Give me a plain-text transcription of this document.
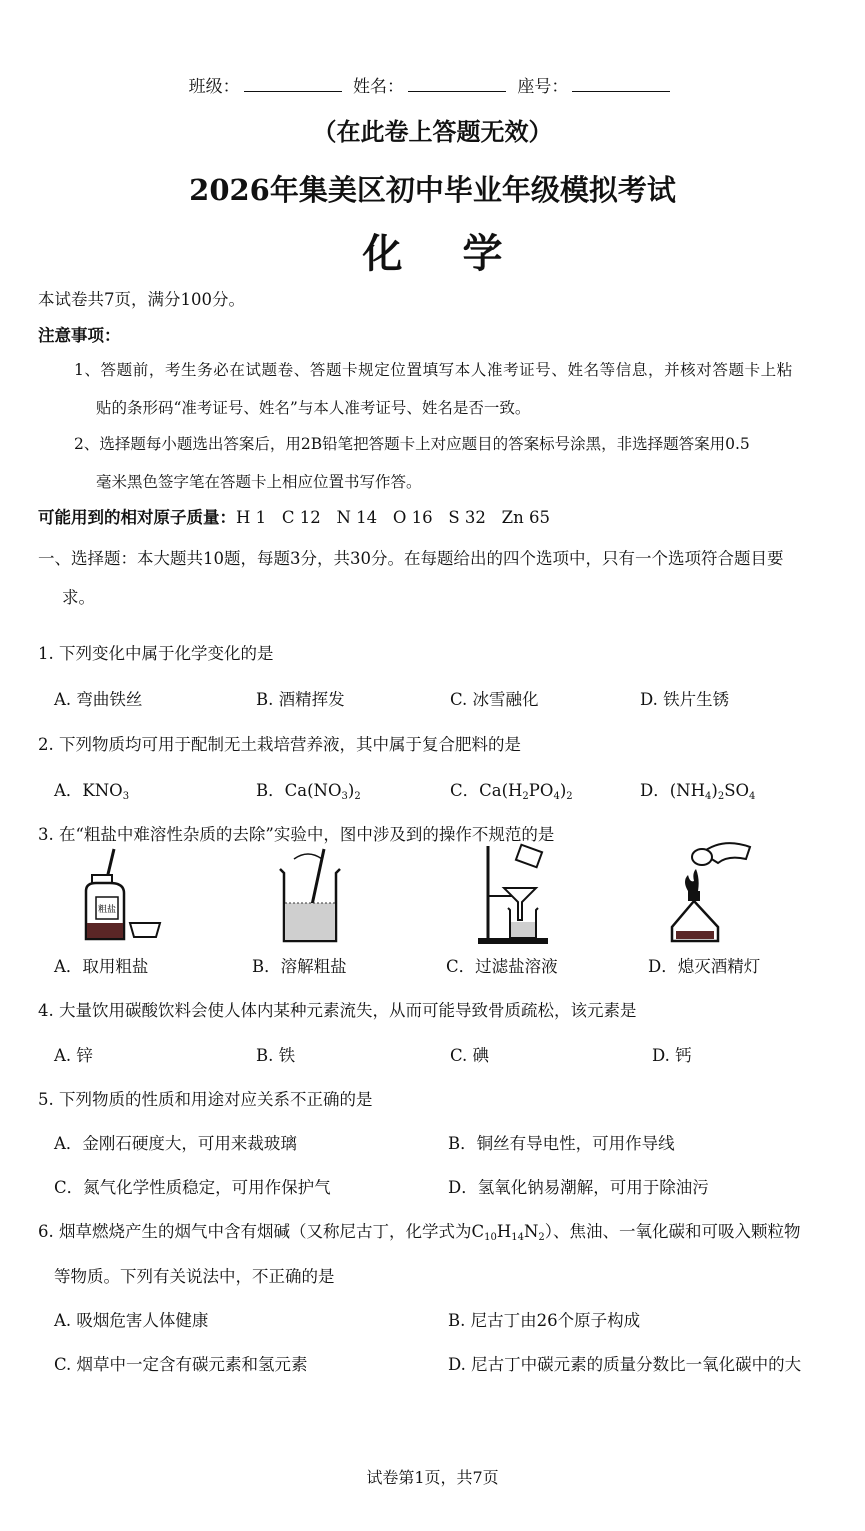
班级：	姓名：	座号：
（在此卷上答题无效）
2026年集美区初中毕业年级模拟考试
化学
本试卷共7页，满分100分。
注意事项：
1、答题前，考生务必在试题卷、答题卡规定位置填写本人准考证号、姓名等信息，并核对答题卡上粘
贴的条形码“准考证号、姓名”与本人准考证号、姓名是否一致。
2、选择题每小题选出答案后，用2B铅笔把答题卡上对应题目的答案标号涂黑，非选择题答案用0.5
毫米黑色签字笔在答题卡上相应位置书写作答。
可能用到的相对原子质量：H 1   C 12   N 14   O 16   S 32   Zn 65
一、选择题：本大题共10题，每题3分，共30分。在每题给出的四个选项中，只有一个选项符合题目要
求。
1. 下列变化中属于化学变化的是
A. 弯曲铁丝	B. 酒精挥发	C. 冰雪融化	D. 铁片生锈
2. 下列物质均可用于配制无土栽培营养液，其中属于复合肥料的是
A．$KNO_3$	B．$Ca(NO_3)_2$	C．$Ca(H_2PO_4)_2$	D．$(NH_4)_2SO_4$
3. 在“粗盐中难溶性杂质的去除”实验中，图中涉及到的操作不规范的是
粗盐
A．取用粗盐	B．溶解粗盐	C．过滤盐溶液	D．熄灭酒精灯
4. 大量饮用碳酸饮料会使人体内某种元素流失，从而可能导致骨质疏松，该元素是
A. 锌	B. 铁	C. 碘	D. 钙
5. 下列物质的性质和用途对应关系不正确的是
A．金刚石硬度大，可用来裁玻璃	B．铜丝有导电性，可用作导线
C．氮气化学性质稳定，可用作保护气	D．氢氧化钠易潮解，可用于除油污
6. 烟草燃烧产生的烟气中含有烟碱（又称尼古丁，化学式为$C_{10}H_{14}N_2$）、焦油、一氧化碳和可吸入颗粒物
等物质。下列有关说法中，不正确的是
A. 吸烟危害人体健康	B. 尼古丁由26个原子构成
C. 烟草中一定含有碳元素和氢元素	D. 尼古丁中碳元素的质量分数比一氧化碳中的大
试卷第1页，共7页
